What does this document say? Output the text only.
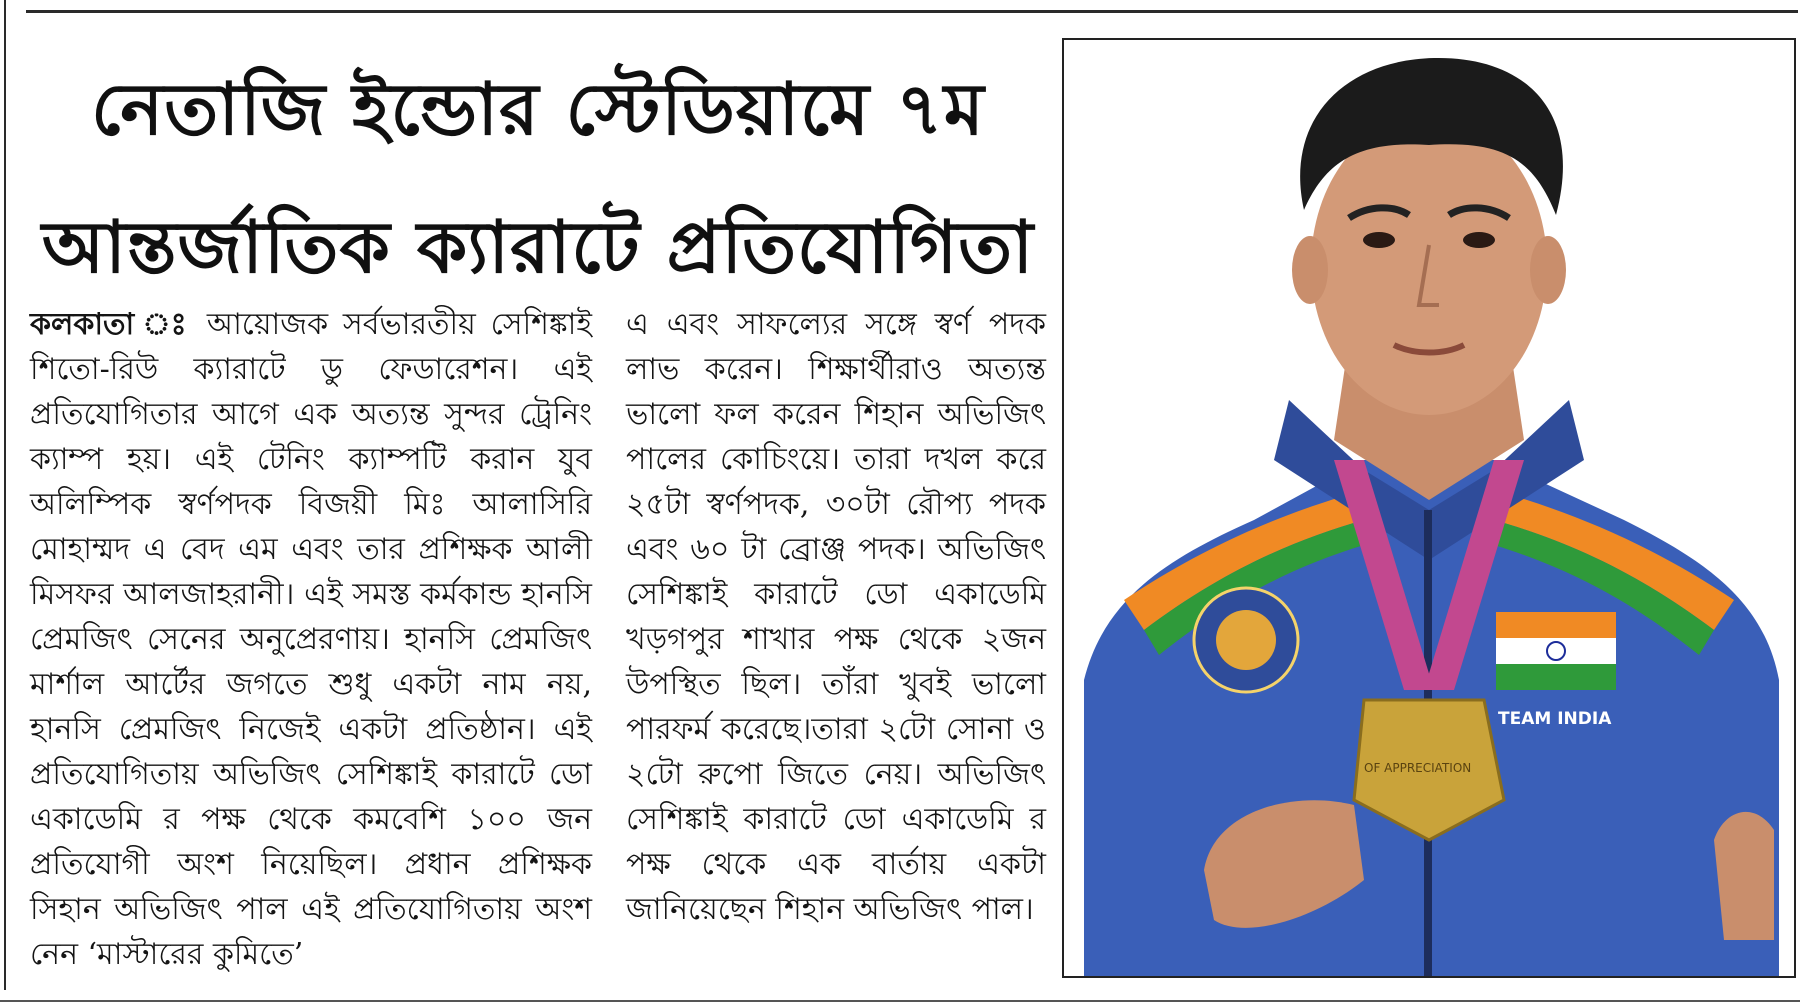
নেতাজি ইন্ডোর স্টেডিয়ামে ৭ম
আন্তর্জাতিক ক্যারাটে প্রতিযোগিতা

কলকাতা ঃ আয়োজক সর্বভারতীয় সেশিঙ্কাই শিতো-রিউ ক্যারাটে ডু ফেডারেশন। এই প্রতিযোগিতার আগে এক অত্যন্ত সুন্দর ট্রেনিং ক্যাম্প হয়। এই টেনিং ক্যাম্পটি করান যুব অলিম্পিক স্বর্ণপদক বিজয়ী মিঃ আলাসিরি মোহাম্মদ এ বেদ এম এবং তার প্রশিক্ষক আলী মিসফর আলজাহরানী। এই সমস্ত কর্মকান্ড হানসি প্রেমজিৎ সেনের অনুপ্রেরণায়। হানসি প্রেমজিৎ মার্শাল আর্টের জগতে শুধু একটা নাম নয়, হানসি প্রেমজিৎ নিজেই একটা প্রতিষ্ঠান। এই প্রতিযোগিতায় অভিজিৎ সেশিঙ্কাই কারাটে ডো একাডেমি র পক্ষ থেকে কমবেশি ১০০ জন প্রতিযোগী অংশ নিয়েছিল। প্রধান প্রশিক্ষক সিহান অভিজিৎ পাল এই প্রতিযোগিতায় অংশ নেন ‘মাস্টারের কুমিতে’

এ এবং সাফল্যের সঙ্গে স্বর্ণ পদক লাভ করেন। শিক্ষার্থীরাও অত্যন্ত ভালো ফল করেন শিহান অভিজিৎ পালের কোচিংয়ে। তারা দখল করে ২৫টা স্বর্ণপদক, ৩০টা রৌপ্য পদক এবং ৬০ টা ব্রোঞ্জ পদক। অভিজিৎ সেশিঙ্কাই কারাটে ডো একাডেমি খড়গপুর শাখার পক্ষ থেকে ২জন উপস্থিত ছিল। তাঁরা খুবই ভালো পারফর্ম করেছে।তারা ২টো সোনা ও ২টো রুপো জিতে নেয়। অভিজিৎ সেশিঙ্কাই কারাটে ডো একাডেমি র পক্ষ থেকে এক বার্তায় একটা জানিয়েছেন শিহান অভিজিৎ পাল।

TEAM INDIA
OF APPRECIATION
